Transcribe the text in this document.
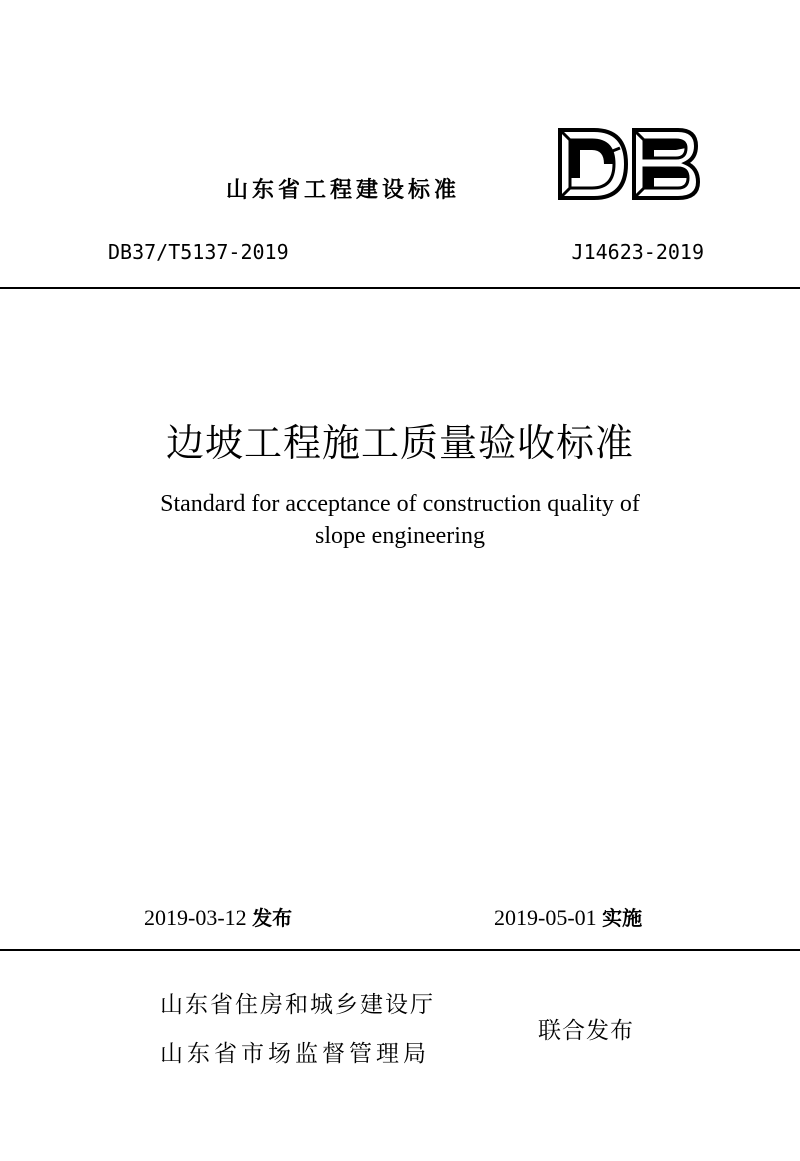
山东省工程建设标准
DB37/T5137-2019	J14623-2019
边坡工程施工质量验收标准
Standard for acceptance of construction quality of
slope engineering
2019-03-12 发布	2019-05-01 实施
山东省住房和城乡建设厅
山东省市场监督管理局
联合发布
